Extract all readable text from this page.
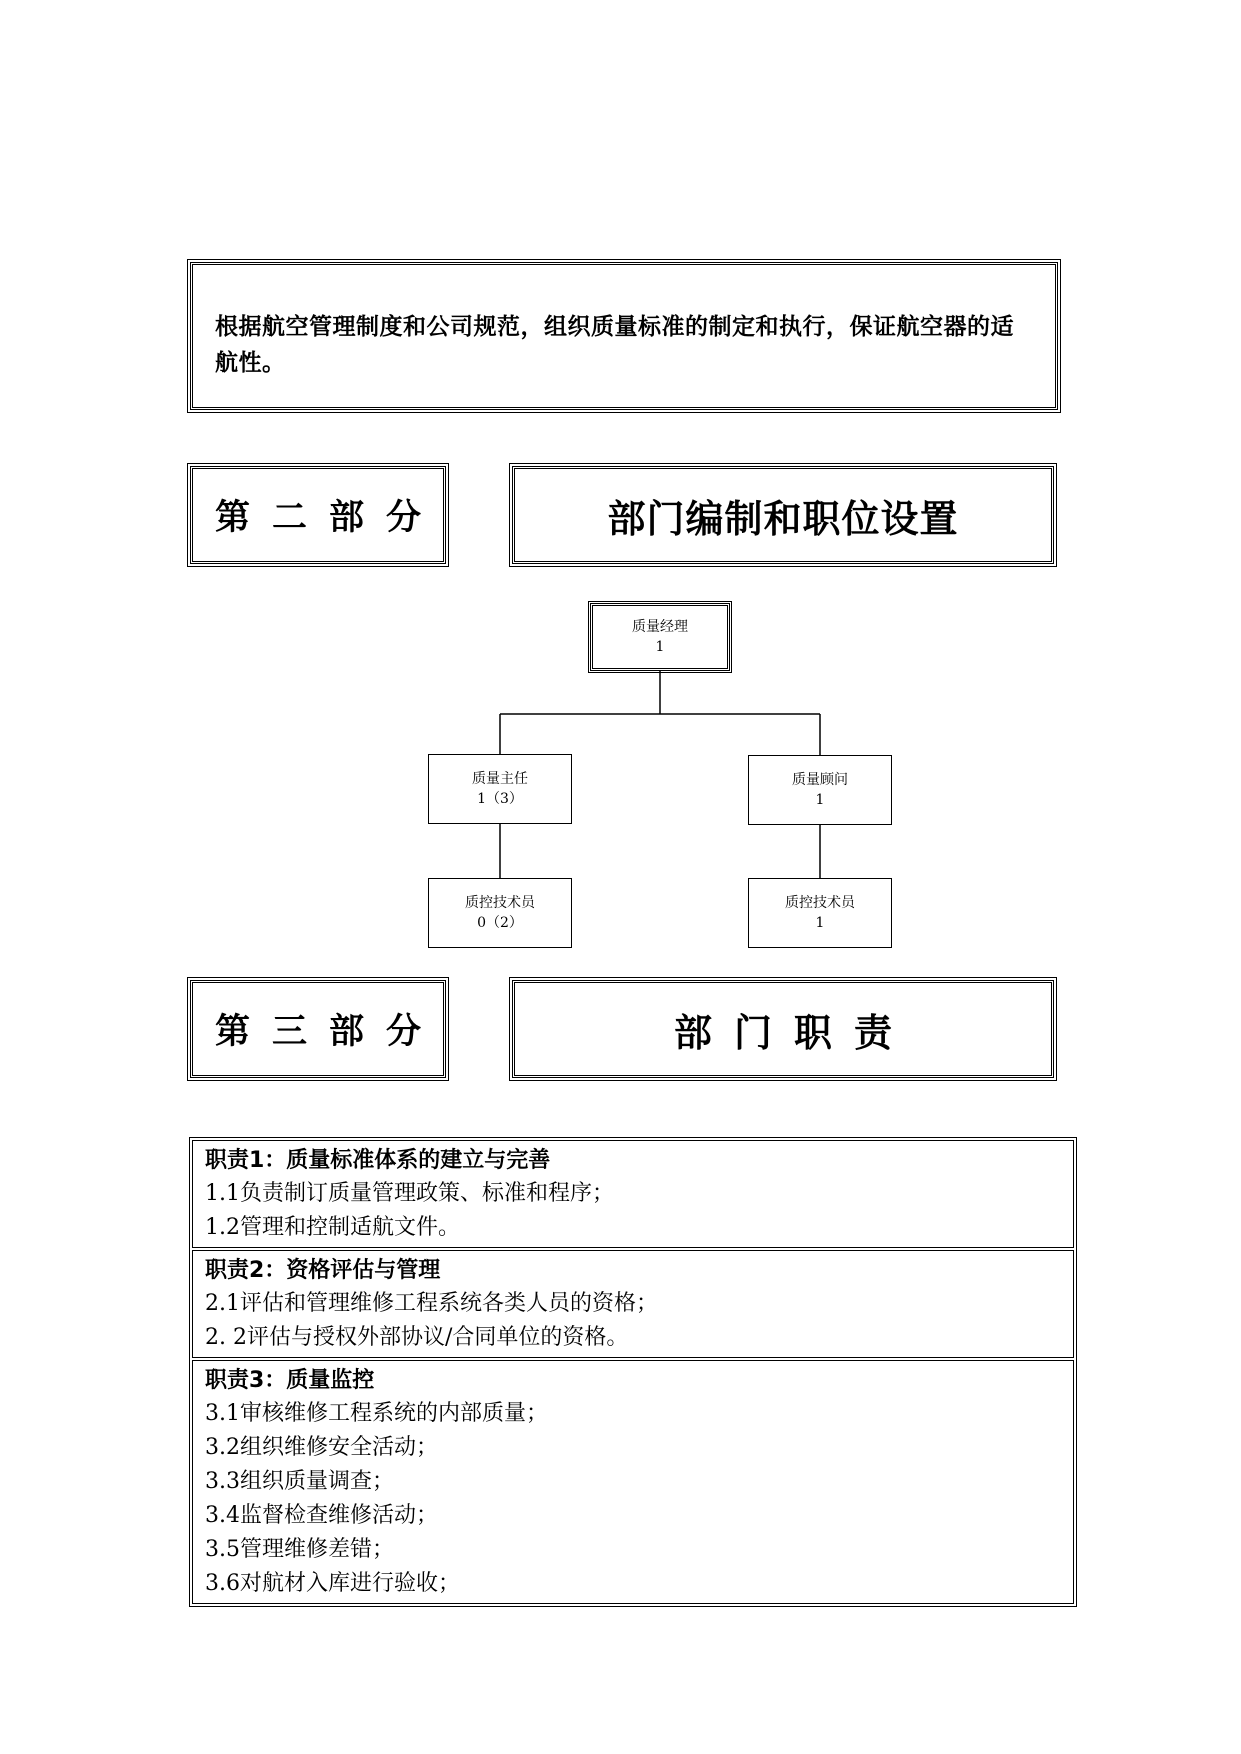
根据航空管理制度和公司规范，组织质量标准的制定和执行，保证航空器的适航性。
第二部分	部门编制和职位设置
质量经理
1
质量主任
1（3）
质量顾问
1
质控技术员
0（2）
质控技术员
1
第三部分	部门职责
职责1：质量标准体系的建立与完善
1.1负责制订质量管理政策、标准和程序；
1.2管理和控制适航文件。
职责2：资格评估与管理
2.1评估和管理维修工程系统各类人员的资格；
2. 2评估与授权外部协议/合同单位的资格。
职责3：质量监控
3.1审核维修工程系统的内部质量；
3.2组织维修安全活动；
3.3组织质量调查；
3.4监督检查维修活动；
3.5管理维修差错；
3.6对航材入库进行验收；
